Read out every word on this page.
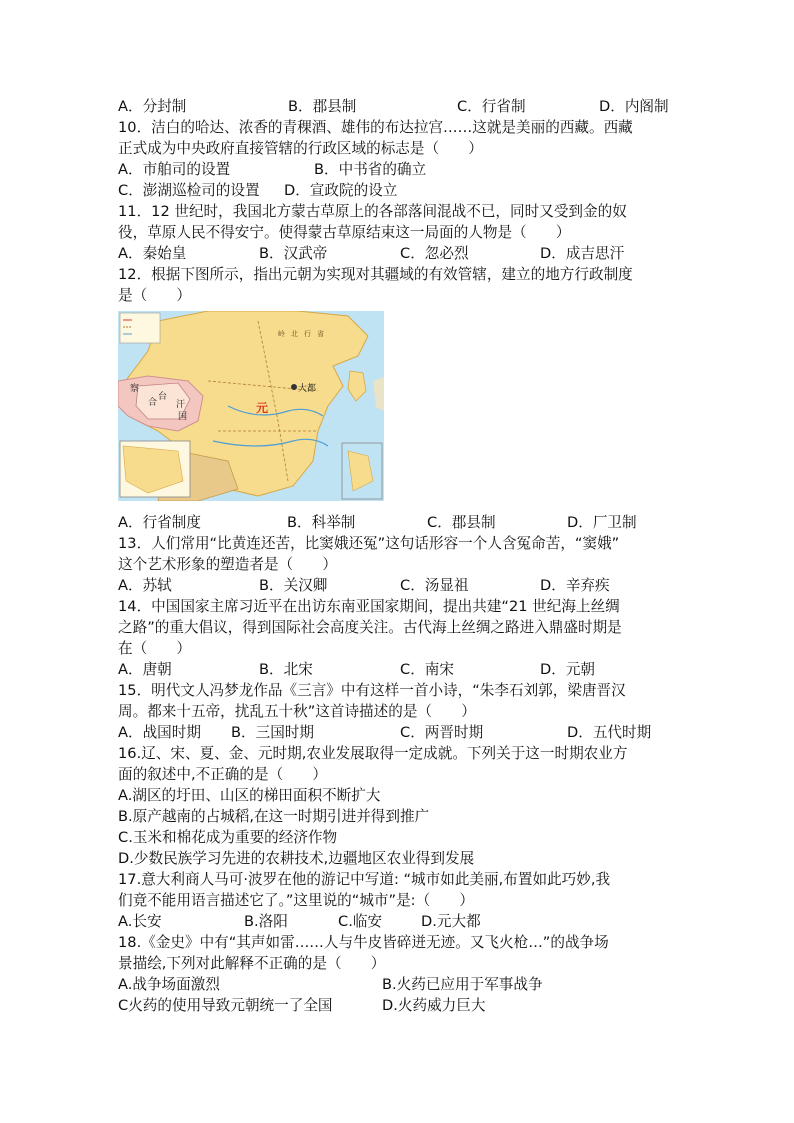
A．分封制	B．郡县制	C．行省制	D．内阁制
10．洁白的哈达、浓香的青稞酒、雄伟的布达拉宫……这就是美丽的西藏。西藏
正式成为中央政府直接管辖的行政区域的标志是（　　）
A．市舶司的设置	B．中书省的确立
C．澎湖巡检司的设置 D．宣政院的设立
11．12 世纪时，我国北方蒙古草原上的各部落间混战不已，同时又受到金的奴
役，草原人民不得安宁。使得蒙古草原结束这一局面的人物是（　　）
A．秦始皇	B．汉武帝	C．忽必烈	D．成吉思汗
12．根据下图所示，指出元朝为实现对其疆域的有效管辖，建立的地方行政制度
是（　　）
元
大都
察
合
台
汗
国
岭北行省
A．行省制度	B．科举制	C．郡县制	D．厂卫制
13．人们常用“比黄连还苦，比窦娥还冤”这句话形容一个人含冤命苦，“窦娥”
这个艺术形象的塑造者是（　　）
A．苏轼	B．关汉卿	C．汤显祖	D．辛弃疾
14．中国国家主席习近平在出访东南亚国家期间，提出共建“21 世纪海上丝绸
之路”的重大倡议，得到国际社会高度关注。古代海上丝绸之路进入鼎盛时期是
在（　　）
A．唐朝	B．北宋	C．南宋	D．元朝
15．明代文人冯梦龙作品《三言》中有这样一首小诗，“朱李石刘郭，梁唐晋汉
周。都来十五帝，扰乱五十秋”这首诗描述的是（　　）
A．战国时期 B．三国时期	C．两晋时期	D．五代时期
16.辽、宋、夏、金、元时期,农业发展取得一定成就。下列关于这一时期农业方
面的叙述中,不正确的是（　　）
A.湖区的圩田、山区的梯田面积不断扩大
B.原产越南的占城稻,在这一时期引进并得到推广
C.玉米和棉花成为重要的经济作物
D.少数民族学习先进的农耕技术,边疆地区农业得到发展
17.意大利商人马可·波罗在他的游记中写道: “城市如此美丽,布置如此巧妙,我
们竟不能用语言描述它了。”这里说的“城市”是:（　　）
A.长安	B.洛阳	C.临安	D.元大都
18.《金史》中有“其声如雷……人与牛皮皆碎迸无迹。又飞火枪…”的战争场
景描绘,下列对此解释不正确的是（　　）
A.战争场面激烈	B.火药已应用于军事战争
C火药的使用导致元朝统一了全国	D.火药威力巨大
